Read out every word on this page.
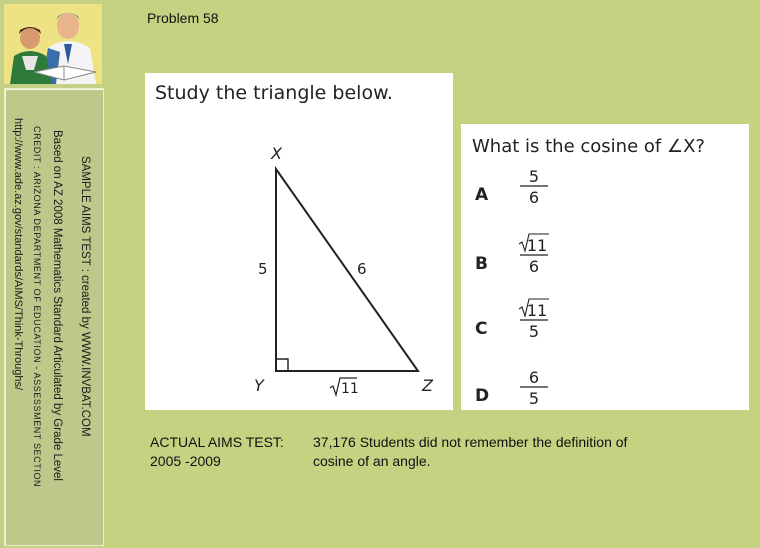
SAMPLE AIMS TEST : created by WWW.INVBAT.COM
Based on AZ 2008 Mathematics Standard Articulated by Grade Level
CREDIT : ARIZONA DEPARTMENT OF EDUCATION - ASSESSMENT SECTION
http://www.ade.az.gov/standards/AIMS/Think-Throughs/
Problem 58
Study the triangle below.
X
Y	Z
5	6
11
What is the cosine of ∠X?
A
5
6
B
11
6
C
11
5
D
6
5
ACTUAL AIMS TEST: 37,176 Students did not remember the definition of
2005 -2009	cosine of an angle.
